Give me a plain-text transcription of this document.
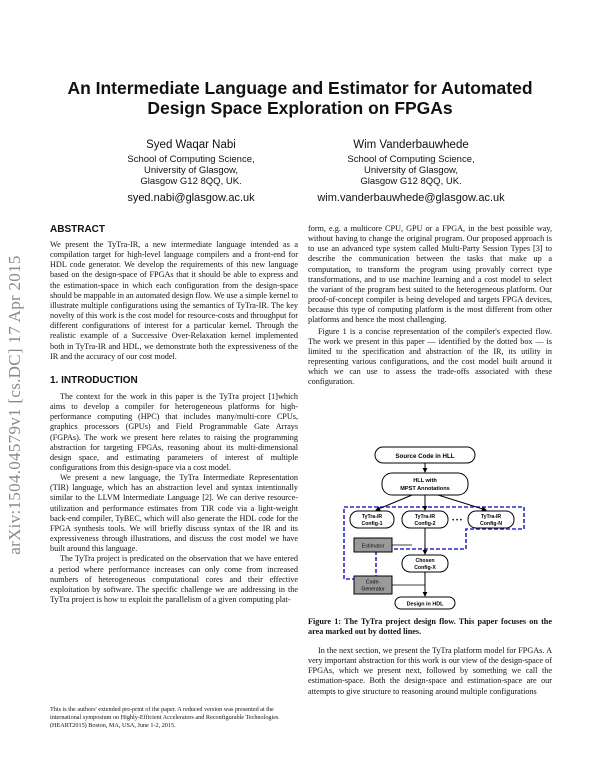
An Intermediate Language and Estimator for Automated
Design Space Exploration on FPGAs
Syed Waqar Nabi
School of Computing Science,
University of Glasgow,
Glasgow G12 8QQ, UK.
syed.nabi@glasgow.ac.uk
Wim Vanderbauwhede
School of Computing Science,
University of Glasgow,
Glasgow G12 8QQ, UK.
wim.vanderbauwhede@glasgow.ac.uk
arXiv:1504.04579v1 [cs.DC] 17 Apr 2015
ABSTRACT

We present the TyTra-IR, a new intermediate language intended as a compilation target for high-level language compilers and a front-end for HDL code generator. We develop the requirements of this new language based on the design-space of FPGAs that it should be able to express and the estimation-space in which each configuration from the design-space should be mappable in an automated design flow. We use a simple kernel to illustrate multiple configurations using the semantics of TyTra-IR. The key novelty of this work is the cost model for resource-costs and throughput for different configurations of interest for a particular kernel. Through the realistic example of a Successive Over-Relaxation kernel implemented both in TyTra-IR and HDL, we demonstrate both the expressiveness of the IR and the accuracy of our cost model.

1. INTRODUCTION

The context for the work in this paper is the TyTra project [1]which aims to develop a compiler for heterogeneous platforms for high-performance computing (HPC) that includes many/multi-core CPUs, graphics processors (GPUs) and Field Programmable Gate Arrays (FGPAs). The work we present here relates to raising the programming abstraction for targeting FPGAs, reasoning about its multi-dimensional design space, and estimating parameters of interest of multiple configurations from this design-space via a cost model.

We present a new language, the TyTra Intermediate Representation (TIR) language, which has an abstraction level and syntax intentionally similar to the LLVM Intermediate Language [2]. We can derive resource-utilization and performance estimates from TIR code via a light-weight back-end compiler, TyBEC, which will also generate the HDL code for the FPGA synthesis tools. We will briefly discuss syntax of the IR and its expressiveness through illustrations, and discuss the cost model we have built around this language.

The TyTra project is predicated on the observation that we have entered a period where performance increases can only come from increased numbers of heterogeneous computational cores and their effective exploitation by software. The specific challenge we are addressing in the TyTra project is how to exploit the parallelism of a given computing plat-

This is the authors' extended pre-print of the paper. A reduced version was presented at the international symposium on Highly-Efficient Accelerators and Reconfigurable Technologies (HEART2015) Boston, MA, USA, June 1-2, 2015.

form, e.g. a multicore CPU, GPU or a FPGA, in the best possible way, without having to change the original program. Our proposed approach is to use an advanced type system called Multi-Party Session Types [3] to describe the communication between the tasks that make up a computation, to transform the program using provably correct type transformations, and to use machine learning and a cost model to select the variant of the program best suited to the heterogeneous platform. Our proof-of-concept compiler is being developed and targets FPGA devices, because this type of computing platform is the most different from other platforms and hence the most challenging.

Figure 1 is a concise representation of the compiler's expected flow. The work we present in this paper — identified by the dotted box — is limited to the specification and abstraction of the IR, its utility in representing various configurations, and the cost model built around it which we can use to assess the trade-offs associated with these configuration.

Source Code in HLL
HLL with
MPST Annotations
TyTra-IR
Config-1
TyTra-IR
Config-2	• • •
TyTra-IR
Config-N
Estimator
Chosen
Config-X
Code-
Generator
Design in HDL
Figure 1: The TyTra project design flow. This paper focuses on the area marked out by dotted lines.

In the next section, we present the TyTra platform model for FPGAs. A very important abstraction for this work is our view of the design-space of FPGAs, which we present next, followed by something we call the estimation-space. Both the design-space and estimation-space are our attempts to give structure to reasoning around multiple configurations
